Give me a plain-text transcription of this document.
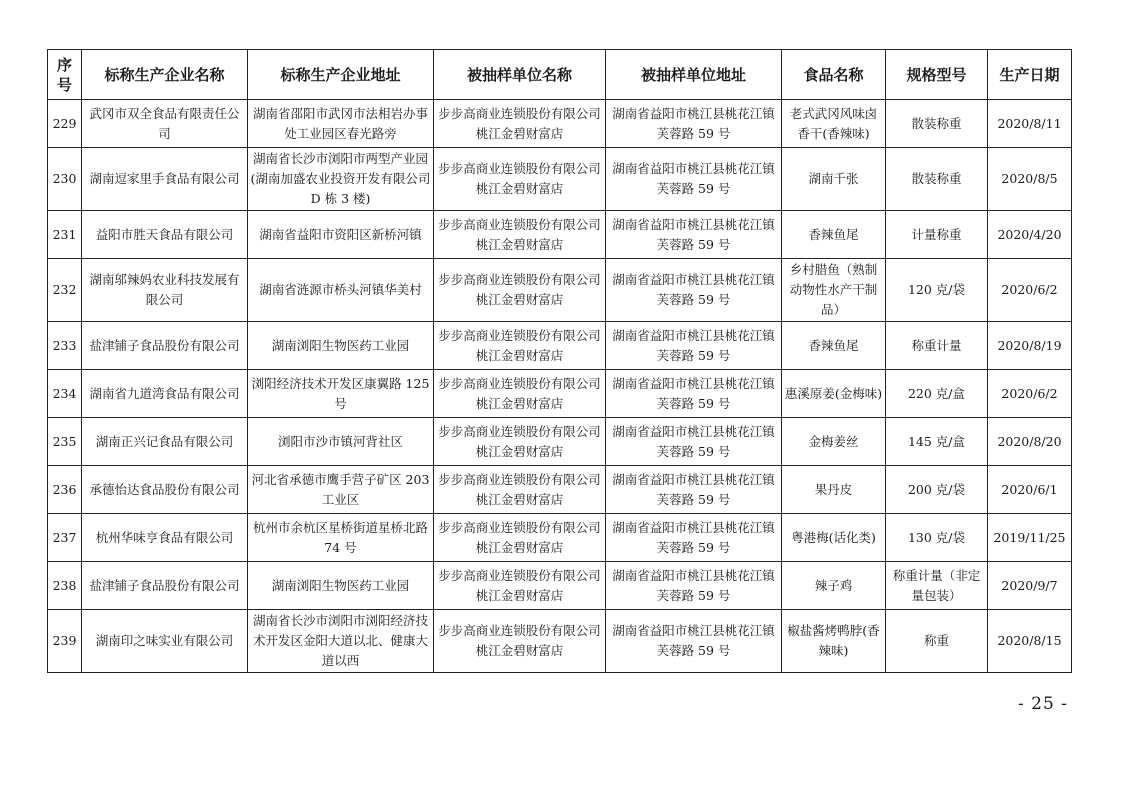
序号	标称生产企业名称	标称生产企业地址	被抽样单位名称	被抽样单位地址	食品名称	规格型号	生产日期
229	武冈市双全食品有限责任公司	湖南省邵阳市武冈市法相岩办事处工业园区春光路旁	步步高商业连锁股份有限公司桃江金碧财富店	湖南省益阳市桃江县桃花江镇芙蓉路 59 号	老式武冈风味卤香干(香辣味)	散装称重	2020/8/11
230	湖南逗家里手食品有限公司	湖南省长沙市浏阳市两型产业园(湖南加盛农业投资开发有限公司 D 栋 3 楼)	步步高商业连锁股份有限公司桃江金碧财富店	湖南省益阳市桃江县桃花江镇芙蓉路 59 号	湖南千张	散装称重	2020/8/5
231	益阳市胜天食品有限公司	湖南省益阳市资阳区新桥河镇	步步高商业连锁股份有限公司桃江金碧财富店	湖南省益阳市桃江县桃花江镇芙蓉路 59 号	香辣鱼尾	计量称重	2020/4/20
232	湖南邬辣妈农业科技发展有限公司	湖南省涟源市桥头河镇华美村	步步高商业连锁股份有限公司桃江金碧财富店	湖南省益阳市桃江县桃花江镇芙蓉路 59 号	乡村腊鱼（熟制动物性水产干制品）	120 克/袋	2020/6/2
233	盐津铺子食品股份有限公司	湖南浏阳生物医药工业园	步步高商业连锁股份有限公司桃江金碧财富店	湖南省益阳市桃江县桃花江镇芙蓉路 59 号	香辣鱼尾	称重计量	2020/8/19
234	湖南省九道湾食品有限公司	浏阳经济技术开发区康翼路 125 号	步步高商业连锁股份有限公司桃江金碧财富店	湖南省益阳市桃江县桃花江镇芙蓉路 59 号	惠溪原姜(金梅味)	220 克/盒	2020/6/2
235	湖南正兴记食品有限公司	浏阳市沙市镇河背社区	步步高商业连锁股份有限公司桃江金碧财富店	湖南省益阳市桃江县桃花江镇芙蓉路 59 号	金梅姜丝	145 克/盒	2020/8/20
236	承德怡达食品股份有限公司	河北省承德市鹰手营子矿区 203 工业区	步步高商业连锁股份有限公司桃江金碧财富店	湖南省益阳市桃江县桃花江镇芙蓉路 59 号	果丹皮	200 克/袋	2020/6/1
237	杭州华味亨食品有限公司	杭州市余杭区星桥街道星桥北路 74 号	步步高商业连锁股份有限公司桃江金碧财富店	湖南省益阳市桃江县桃花江镇芙蓉路 59 号	粤港梅(话化类)	130 克/袋	2019/11/25
238	盐津铺子食品股份有限公司	湖南浏阳生物医药工业园	步步高商业连锁股份有限公司桃江金碧财富店	湖南省益阳市桃江县桃花江镇芙蓉路 59 号	辣子鸡	称重计量（非定量包装）	2020/9/7
239	湖南印之味实业有限公司	湖南省长沙市浏阳市浏阳经济技术开发区金阳大道以北、健康大道以西	步步高商业连锁股份有限公司桃江金碧财富店	湖南省益阳市桃江县桃花江镇芙蓉路 59 号	椒盐酱烤鸭脖(香辣味)	称重	2020/8/15
- 25 -
